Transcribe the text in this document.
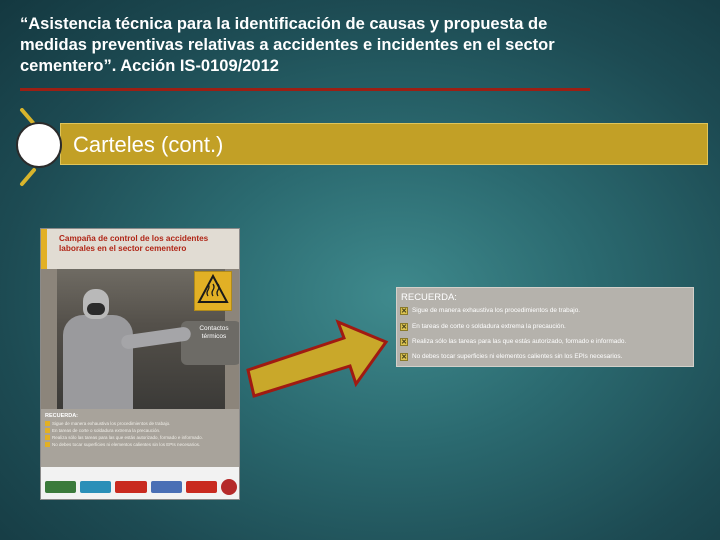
“Asistencia técnica para la identificación de causas y propuesta de medidas preventivas relativas a accidentes e incidentes en el sector cementero”. Acción IS-0109/2012
Carteles (cont.)
Campaña de control de los accidentes laborales en el sector cementero
Contactos térmicos
RECUERDA:
Sigue de manera exhaustiva los procedimientos de trabajo.
En tareas de corte o soldadura extrema la precaución.
Realiza sólo las tareas para las que estás autorizado, formado e informado.
No debes tocar superficies ni elementos calientes sin los EPIs necesarios.
RECUERDA:
✕ Sigue de manera exhaustiva los procedimientos de trabajo.
✕ En tareas de corte o soldadura extrema la precaución.
✕ Realiza sólo las tareas para las que estás autorizado, formado e informado.
✕ No debes tocar superficies ni elementos calientes sin los EPIs necesarios.
